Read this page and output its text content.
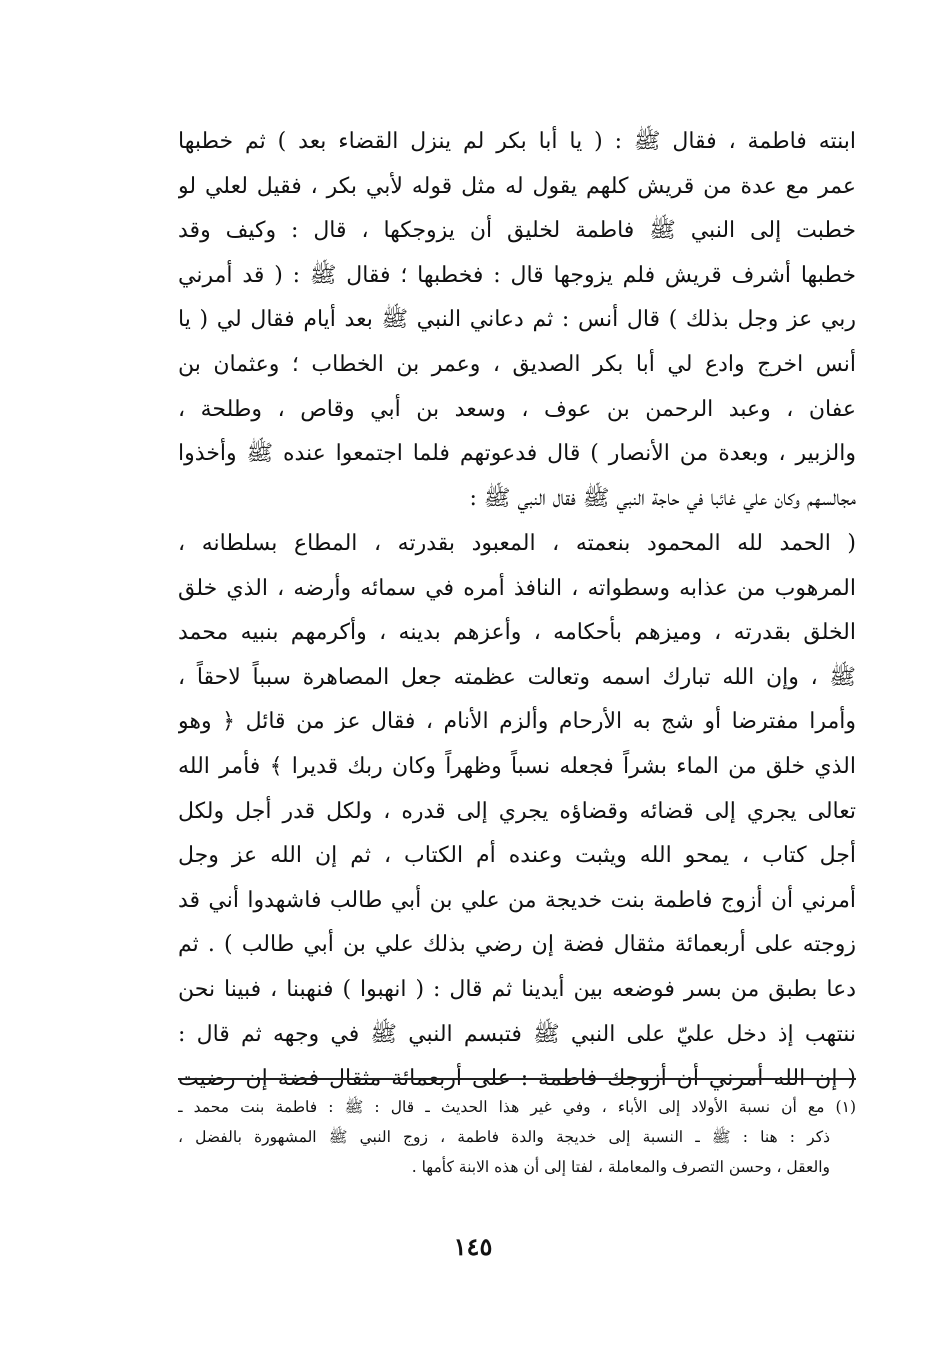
ابنته فاطمة ، فقال ﷺ : ( يا أبا بكر لم ينزل القضاء بعد ) ثم خطبها
عمر مع عدة من قريش كلهم يقول له مثل قوله لأبي بكر ، فقيل لعلي لو
خطبت إلى النبي ﷺ فاطمة لخليق أن يزوجكها ، قال : وكيف وقد
خطبها أشرف قريش فلم يزوجها قال : فخطبها ؛ فقال ﷺ : ( قد أمرني
ربي عز وجل بذلك ) قال أنس : ثم دعاني النبي ﷺ بعد أيام فقال لي ( يا
أنس اخرج وادع لي أبا بكر الصديق ، وعمر بن الخطاب ؛ وعثمان بن
عفان ، وعبد الرحمن بن عوف ، وسعد بن أبي وقاص ، وطلحة ،
والزبير ، وبعدة من الأنصار ) قال فدعوتهم فلما اجتمعوا عنده ﷺ وأخذوا
مجالسهم وكان علي غائبا في حاجة النبي ﷺ فقال النبي ﷺ :
( الحمد لله المحمود بنعمته ، المعبود بقدرته ، المطاع بسلطانه ،
المرهوب من عذابه وسطواته ، النافذ أمره في سمائه وأرضه ، الذي خلق
الخلق بقدرته ، وميزهم بأحكامه ، وأعزهم بدينه ، وأكرمهم بنبيه محمد
ﷺ ، وإن الله تبارك اسمه وتعالت عظمته جعل المصاهرة سبباً لاحقاً ،
وأمرا مفترضا أو شج به الأرحام وألزم الأنام ، فقال عز من قائل ﴿ وهو
الذي خلق من الماء بشراً فجعله نسباً وظهراً وكان ربك قديرا ﴾ فأمر الله
تعالى يجري إلى قضائه وقضاؤه يجري إلى قدره ، ولكل قدر أجل ولكل
أجل كتاب ، يمحو الله ويثبت وعنده أم الكتاب ، ثم إن الله عز وجل
أمرني أن أزوج فاطمة بنت خديجة من علي بن أبي طالب فاشهدوا أني قد
زوجته على أربعمائة مثقال فضة إن رضي بذلك علي بن أبي طالب ) . ثم
دعا بطبق من بسر فوضعه بين أيدينا ثم قال : ( انهبوا ) فنهبنا ، فبينا نحن
ننتهب إذ دخل عليّ على النبي ﷺ فتبسم النبي ﷺ في وجهه ثم قال :
( إن الله أمرني أن أزوجك فاطمة : على أربعمائة مثقال فضة إن رضيت
(١) مع أن نسبة الأولاد إلى الأباء ، وفي غير هذا الحديث ـ قال : ﷺ : فاطمة بنت محمد ـ
ذكر : هنا : ﷺ ـ النسبة إلى خديجة والدة فاطمة ، زوج النبي ﷺ المشهورة بالفضل ،
والعقل ، وحسن التصرف والمعاملة ، لفتا إلى أن هذه الابنة كأمها .
١٤٥
